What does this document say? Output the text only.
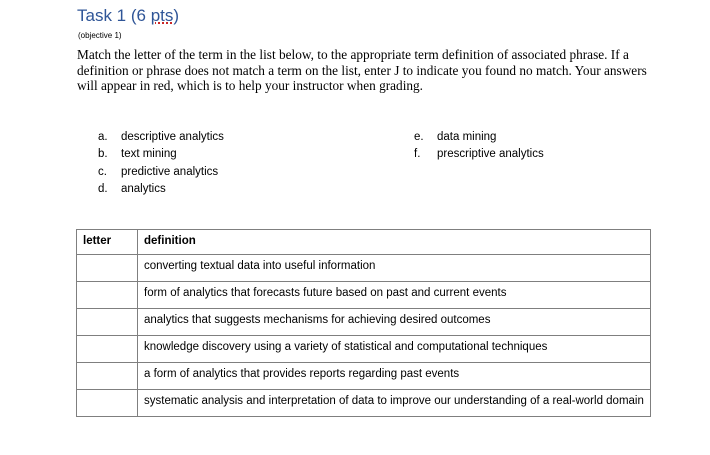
Task 1 (6 pts)
(objective 1)

Match the letter of the term in the list below, to the appropriate term definition of associated phrase. If a definition or phrase does not match a term on the list, enter J to indicate you found no match. Your answers will appear in red, which is to help your instructor when grading.

a.	descriptive analytics
b.	text mining
c.	predictive analytics
d.	analytics
e.	data mining
f.	prescriptive analytics
letter	definition
	converting textual data into useful information
	form of analytics that forecasts future based on past and current events
	analytics that suggests mechanisms for achieving desired outcomes
	knowledge discovery using a variety of statistical and computational techniques
	a form of analytics that provides reports regarding past events
	systematic analysis and interpretation of data to improve our understanding of a real-world domain
